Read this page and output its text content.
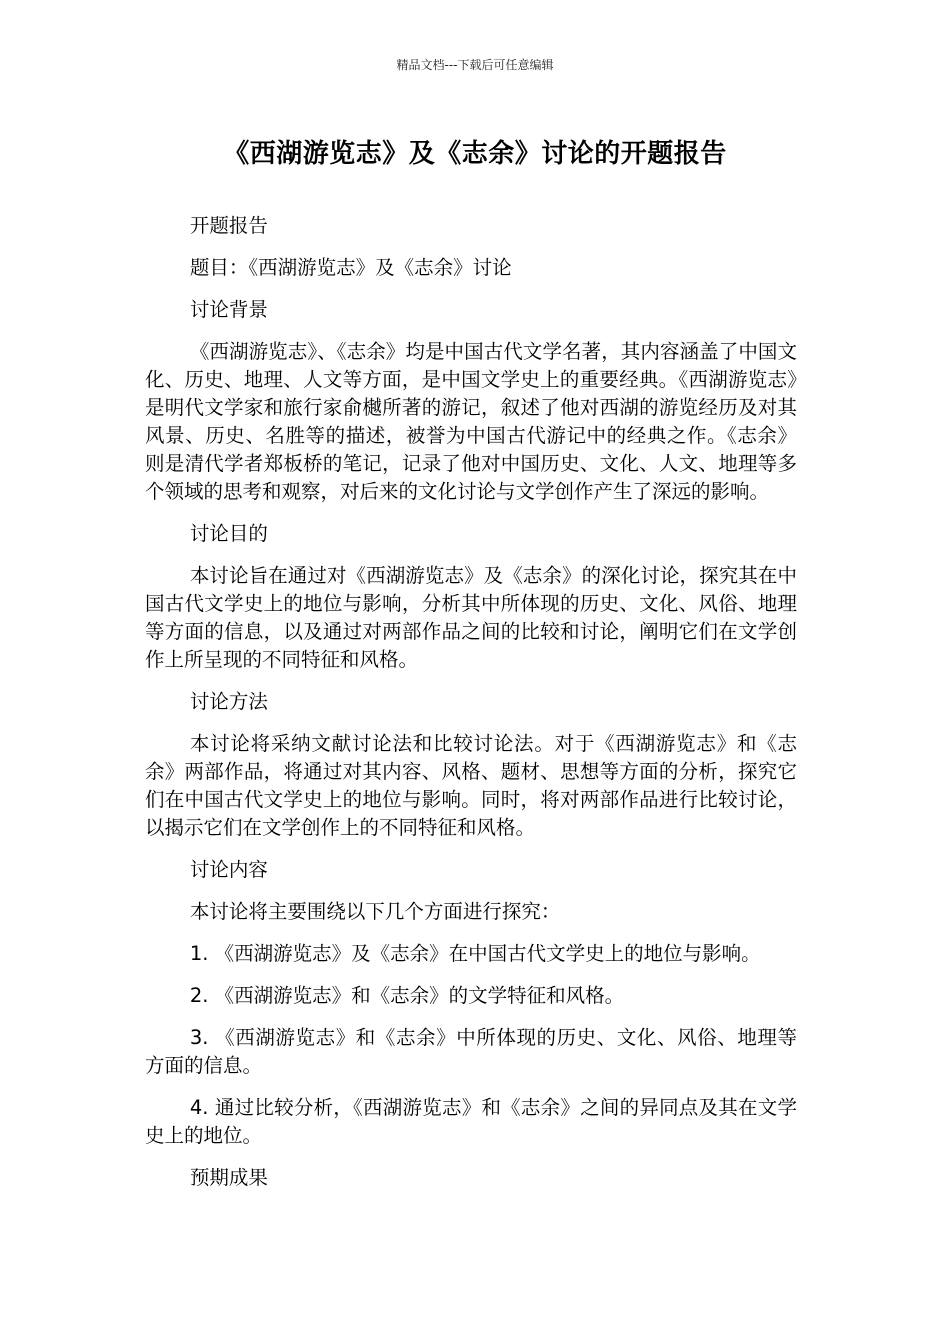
精品文档---下载后可任意编辑
《西湖游览志》及《志余》讨论的开题报告

开题报告

题目：《西湖游览志》及《志余》讨论

讨论背景

《西湖游览志》、《志余》均是中国古代文学名著，其内容涵盖了中国文化、历史、地理、人文等方面，是中国文学史上的重要经典。《西湖游览志》是明代文学家和旅行家俞樾所著的游记，叙述了他对西湖的游览经历及对其风景、历史、名胜等的描述，被誉为中国古代游记中的经典之作。《志余》则是清代学者郑板桥的笔记，记录了他对中国历史、文化、人文、地理等多个领域的思考和观察，对后来的文化讨论与文学创作产生了深远的影响。

讨论目的

本讨论旨在通过对《西湖游览志》及《志余》的深化讨论，探究其在中国古代文学史上的地位与影响，分析其中所体现的历史、文化、风俗、地理等方面的信息，以及通过对两部作品之间的比较和讨论，阐明它们在文学创作上所呈现的不同特征和风格。

讨论方法

本讨论将采纳文献讨论法和比较讨论法。对于《西湖游览志》和《志余》两部作品，将通过对其内容、风格、题材、思想等方面的分析，探究它们在中国古代文学史上的地位与影响。同时，将对两部作品进行比较讨论，以揭示它们在文学创作上的不同特征和风格。

讨论内容

本讨论将主要围绕以下几个方面进行探究：

1. 《西湖游览志》及《志余》在中国古代文学史上的地位与影响。

2. 《西湖游览志》和《志余》的文学特征和风格。

3. 《西湖游览志》和《志余》中所体现的历史、文化、风俗、地理等方面的信息。

4. 通过比较分析，《西湖游览志》和《志余》之间的异同点及其在文学史上的地位。

预期成果
